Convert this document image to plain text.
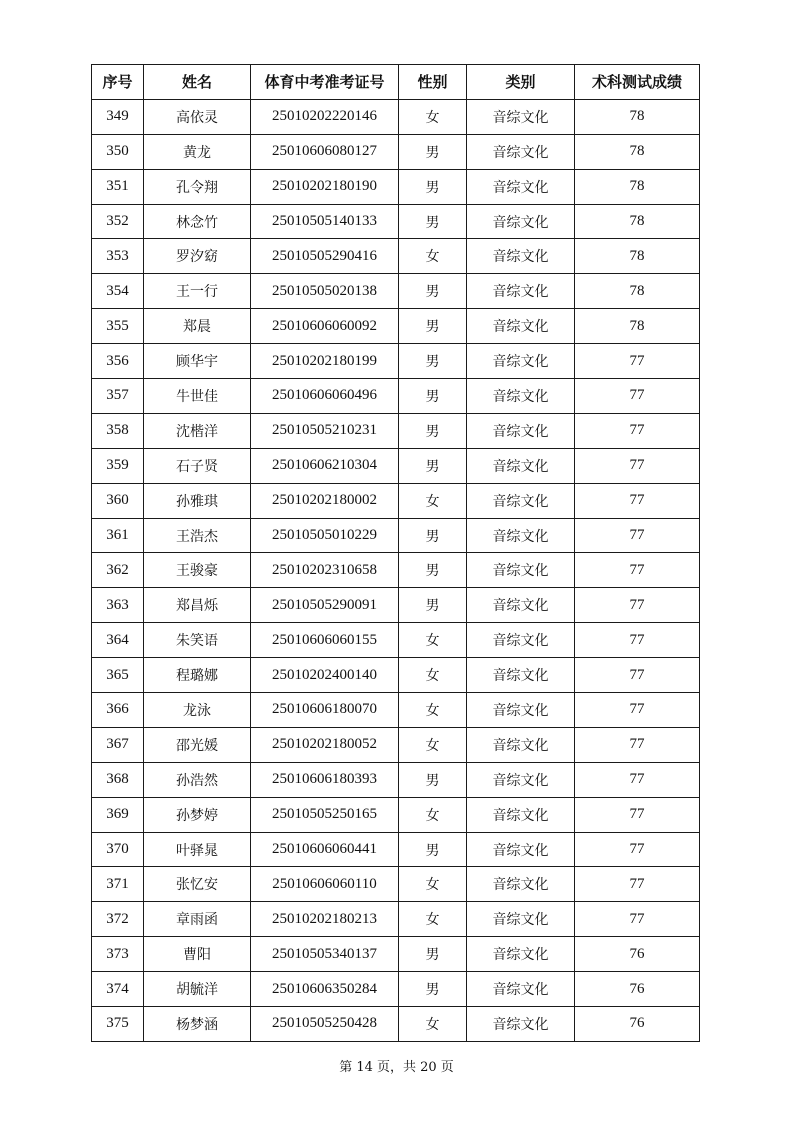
序号	姓名	体育中考准考证号	性别	类别	术科测试成绩
349	高依灵	25010202220146	女	音综文化	78
350	黄龙	25010606080127	男	音综文化	78
351	孔令翔	25010202180190	男	音综文化	78
352	林念竹	25010505140133	男	音综文化	78
353	罗汐窈	25010505290416	女	音综文化	78
354	王一行	25010505020138	男	音综文化	78
355	郑晨	25010606060092	男	音综文化	78
356	顾华宇	25010202180199	男	音综文化	77
357	牛世佳	25010606060496	男	音综文化	77
358	沈楷洋	25010505210231	男	音综文化	77
359	石子贤	25010606210304	男	音综文化	77
360	孙雅琪	25010202180002	女	音综文化	77
361	王浩杰	25010505010229	男	音综文化	77
362	王骏豪	25010202310658	男	音综文化	77
363	郑昌烁	25010505290091	男	音综文化	77
364	朱笑语	25010606060155	女	音综文化	77
365	程璐娜	25010202400140	女	音综文化	77
366	龙泳	25010606180070	女	音综文化	77
367	邵光媛	25010202180052	女	音综文化	77
368	孙浩然	25010606180393	男	音综文化	77
369	孙梦婷	25010505250165	女	音综文化	77
370	叶驿晁	25010606060441	男	音综文化	77
371	张忆安	25010606060110	女	音综文化	77
372	章雨函	25010202180213	女	音综文化	77
373	曹阳	25010505340137	男	音综文化	76
374	胡毓洋	25010606350284	男	音综文化	76
375	杨梦涵	25010505250428	女	音综文化	76
第 14 页，共 20 页
